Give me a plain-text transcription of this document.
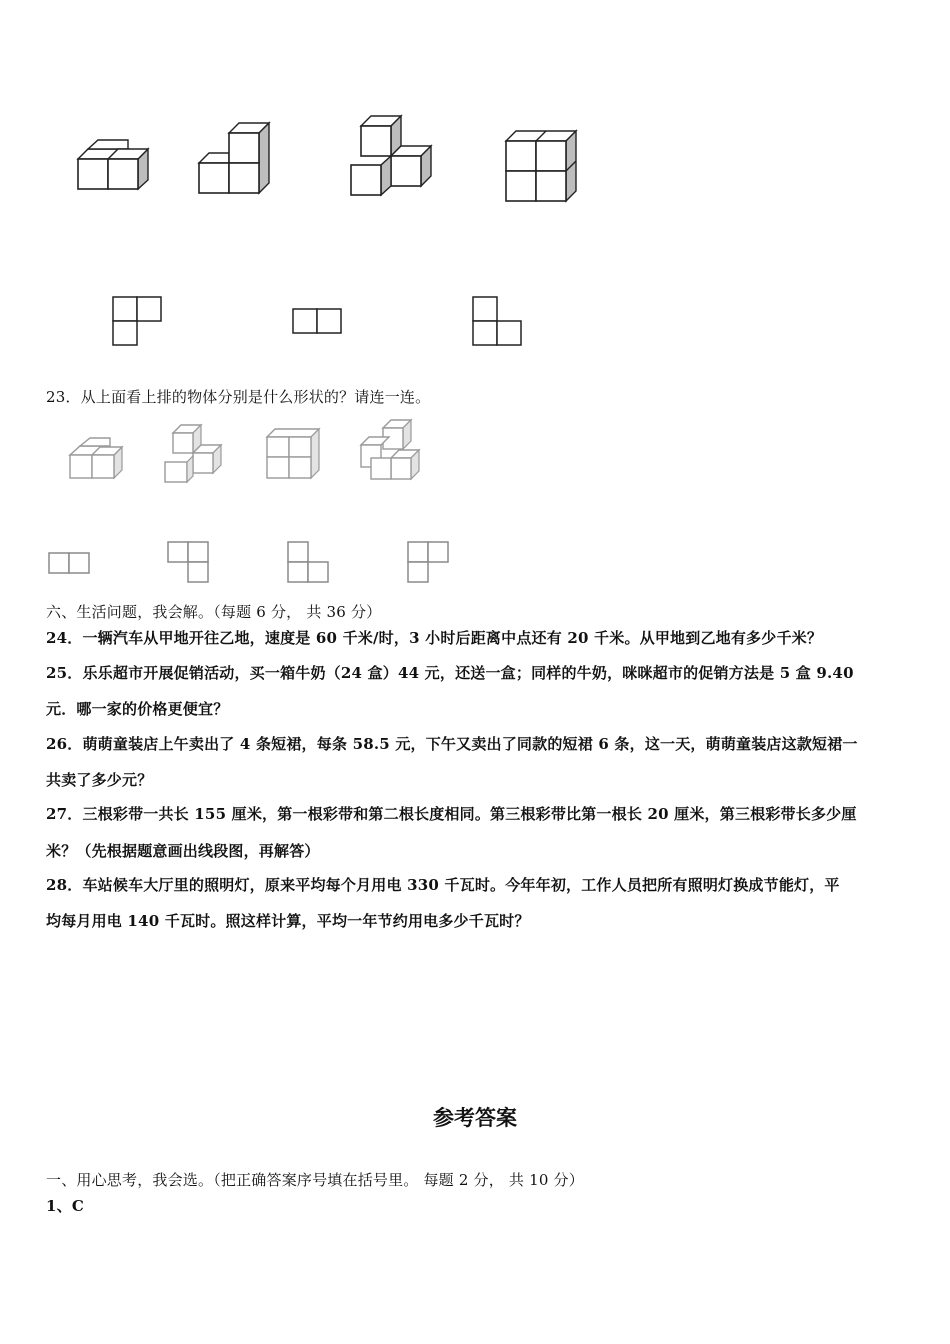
23．从上面看上排的物体分别是什么形状的？请连一连。
六、生活问题，我会解。（每题 6 分， 共 36 分）
24．一辆汽车从甲地开往乙地，速度是 60 千米/时，3 小时后距离中点还有 20 千米。从甲地到乙地有多少千米？
25．乐乐超市开展促销活动，买一箱牛奶（24 盒）44 元，还送一盒；同样的牛奶，咪咪超市的促销方法是 5 盒 9.40
元．哪一家的价格更便宜？
26．萌萌童装店上午卖出了 4 条短裙，每条 58.5 元，下午又卖出了同款的短裙 6 条，这一天，萌萌童装店这款短裙一
共卖了多少元？
27．三根彩带一共长 155 厘米，第一根彩带和第二根长度相同。第三根彩带比第一根长 20 厘米，第三根彩带长多少厘
米？（先根据题意画出线段图，再解答）
28．车站候车大厅里的照明灯，原来平均每个月用电 330 千瓦时。今年年初，工作人员把所有照明灯换成节能灯，平
均每月用电 140 千瓦时。照这样计算，平均一年节约用电多少千瓦时？
参考答案
一、用心思考，我会选。（把正确答案序号填在括号里。 每题 2 分， 共 10 分）
1、C
